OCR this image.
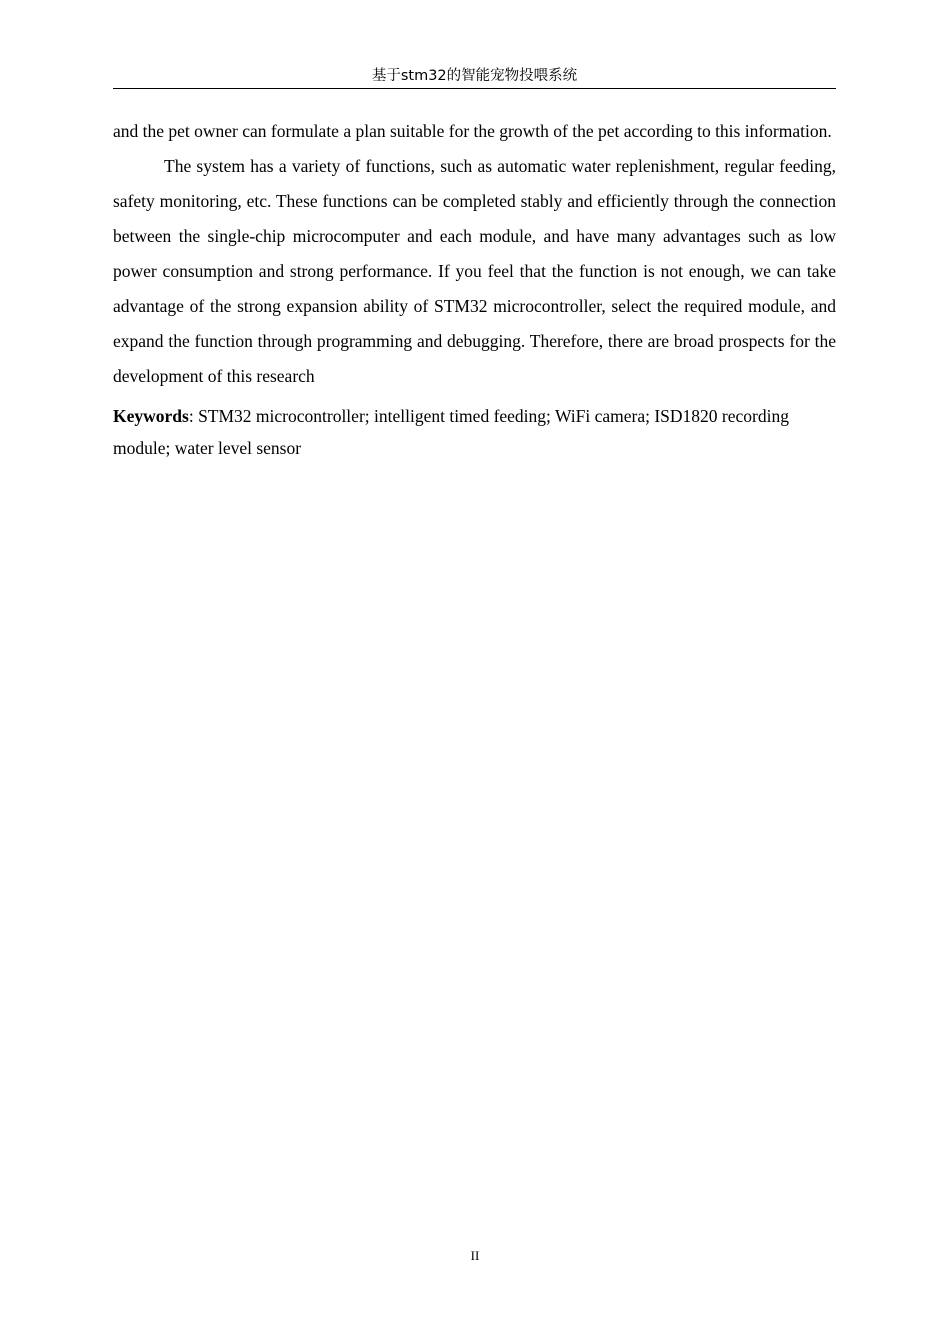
基于stm32的智能宠物投喂系统

and the pet owner can formulate a plan suitable for the growth of the pet according to this information.

The system has a variety of functions, such as automatic water replenishment, regular feeding, safety monitoring, etc. These functions can be completed stably and efficiently through the connection between the single-chip microcomputer and each module, and have many advantages such as low power consumption and strong performance. If you feel that the function is not enough, we can take advantage of the strong expansion ability of STM32 microcontroller, select the required module, and expand the function through programming and debugging. Therefore, there are broad prospects for the development of this research

Keywords: STM32 microcontroller; intelligent timed feeding; WiFi camera; ISD1820 recording module; water level sensor

II
